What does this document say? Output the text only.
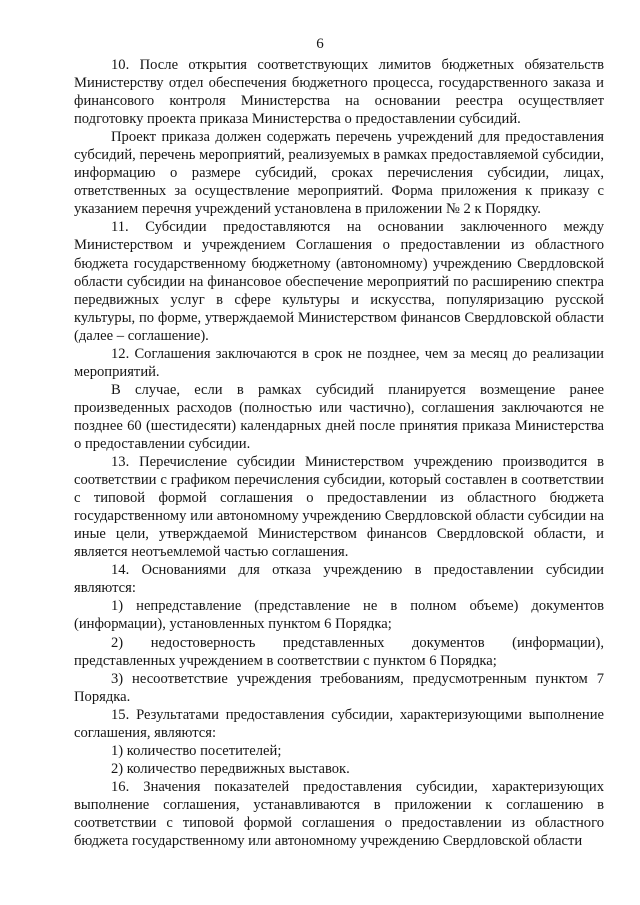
6

10. После открытия соответствующих лимитов бюджетных обязательств Министерству отдел обеспечения бюджетного процесса, государственного заказа и финансового контроля Министерства на основании реестра осуществляет подготовку проекта приказа Министерства о предоставлении субсидий.

Проект приказа должен содержать перечень учреждений для предоставления субсидий, перечень мероприятий, реализуемых в рамках предоставляемой субсидии, информацию о размере субсидий, сроках перечисления субсидии, лицах, ответственных за осуществление мероприятий. Форма приложения к приказу с указанием перечня учреждений установлена в приложении № 2 к Порядку.

11. Субсидии предоставляются на основании заключенного между Министерством и учреждением Соглашения о предоставлении из областного бюджета государственному бюджетному (автономному) учреждению Свердловской области субсидии на финансовое обеспечение мероприятий по расширению спектра передвижных услуг в сфере культуры и искусства, популяризацию русской культуры, по форме, утверждаемой Министерством финансов Свердловской области (далее – соглашение).

12. Соглашения заключаются в срок не позднее, чем за месяц до реализации мероприятий.

В случае, если в рамках субсидий планируется возмещение ранее произведенных расходов (полностью или частично), соглашения заключаются не позднее 60 (шестидесяти) календарных дней после принятия приказа Министерства о предоставлении субсидии.

13. Перечисление субсидии Министерством учреждению производится в соответствии с графиком перечисления субсидии, который составлен в соответствии с типовой формой соглашения о предоставлении из областного бюджета государственному или автономному учреждению Свердловской области субсидии на иные цели, утверждаемой Министерством финансов Свердловской области, и является неотъемлемой частью соглашения.

14. Основаниями для отказа учреждению в предоставлении субсидии являются:

1) непредставление (представление не в полном объеме) документов (информации), установленных пунктом 6 Порядка;

2) недостоверность представленных документов (информации), представленных учреждением в соответствии с пунктом 6 Порядка;

3) несоответствие учреждения требованиям, предусмотренным пунктом 7 Порядка.

15. Результатами предоставления субсидии, характеризующими выполнение соглашения, являются:

1) количество посетителей;

2) количество передвижных выставок.

16. Значения показателей предоставления субсидии, характеризующих выполнение соглашения, устанавливаются в приложении к соглашению в соответствии с типовой формой соглашения о предоставлении из областного бюджета государственному или автономному учреждению Свердловской области
